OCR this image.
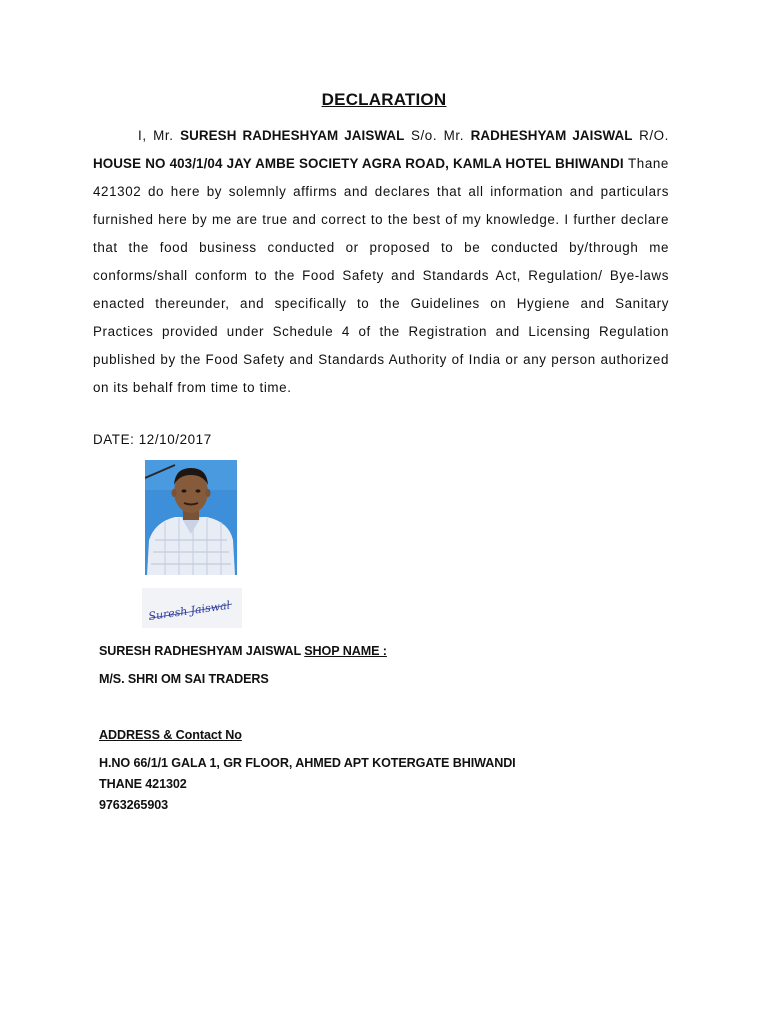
DECLARATION

I, Mr. SURESH RADHESHYAM JAISWAL S/o. Mr. RADHESHYAM JAISWAL R/O. HOUSE NO 403/1/04 JAY AMBE SOCIETY AGRA ROAD, KAMLA HOTEL BHIWANDI Thane 421302 do here by solemnly affirms and declares that all information and particulars furnished here by me are true and correct to the best of my knowledge. I further declare that the food business conducted or proposed to be conducted by/through me conforms/shall conform to the Food Safety and Standards Act, Regulation/ Bye-laws enacted thereunder, and specifically to the Guidelines on Hygiene and Sanitary Practices provided under Schedule 4 of the Registration and Licensing Regulation published by the Food Safety and Standards Authority of India or any person authorized on its behalf from time to time.

DATE: 12/10/2017
Suresh Jaiswal
SURESH RADHESHYAM JAISWAL SHOP NAME :
M/S. SHRI OM SAI TRADERS
ADDRESS & Contact No
H.NO 66/1/1 GALA 1, GR FLOOR, AHMED APT KOTERGATE BHIWANDI
THANE 421302
9763265903
